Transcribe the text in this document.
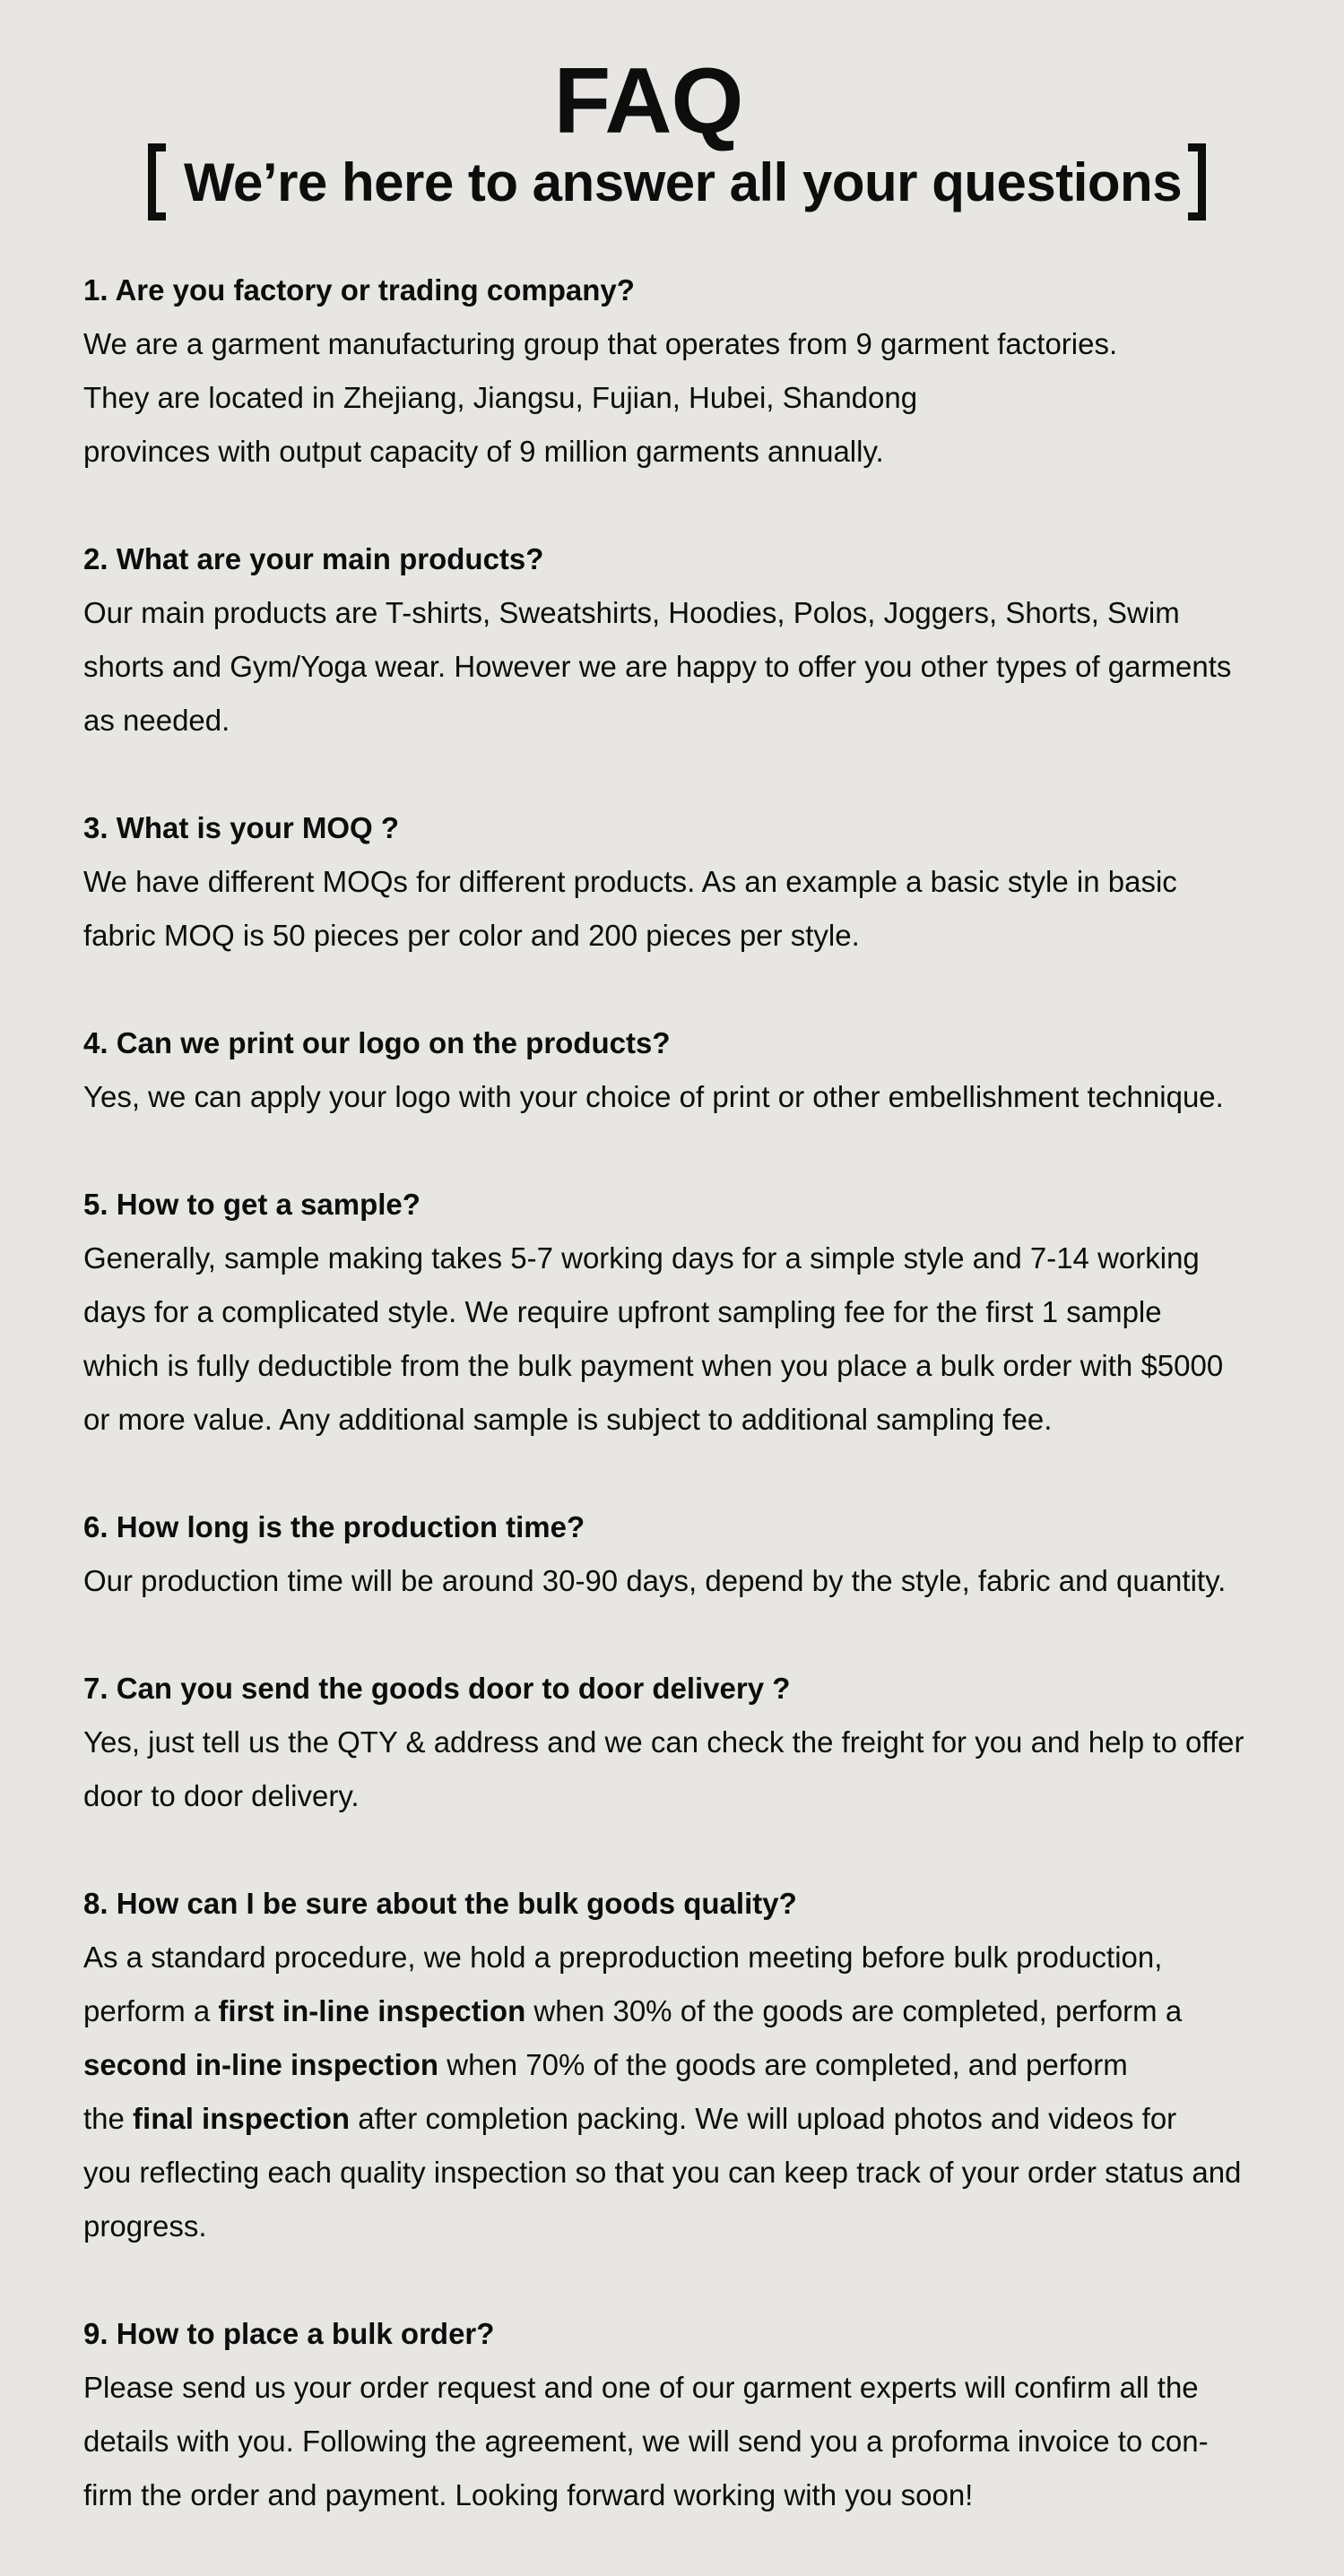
FAQ
We’re here to answer all your questions

1. Are you factory or trading company?

We are a garment manufacturing group that operates from 9 garment factories.

They are located in Zhejiang, Jiangsu, Fujian, Hubei, Shandong

provinces with output capacity of 9 million garments annually.

2. What are your main products?

Our main products are T-shirts, Sweatshirts, Hoodies, Polos, Joggers, Shorts, Swim

shorts and Gym/Yoga wear. However we are happy to offer you other types of garments

as needed.

3. What is your MOQ ?

We have different MOQs for different products. As an example a basic style in basic

fabric MOQ is 50 pieces per color and 200 pieces per style.

4. Can we print our logo on the products?

Yes, we can apply your logo with your choice of print or other embellishment technique.

5. How to get a sample?

Generally, sample making takes 5-7 working days for a simple style and 7-14 working

days for a complicated style. We require upfront sampling fee for the first 1 sample

which is fully deductible from the bulk payment when you place a bulk order with $5000

or more value. Any additional sample is subject to additional sampling fee.

6. How long is the production time?

Our production time will be around 30-90 days, depend by the style, fabric and quantity.

7. Can you send the goods door to door delivery ?

Yes, just tell us the QTY & address and we can check the freight for you and help to offer

door to door delivery.

8. How can I be sure about the bulk goods quality?

As a standard procedure, we hold a preproduction meeting before bulk production,

perform a first in-line inspection when 30% of the goods are completed, perform a

second in-line inspection when 70% of the goods are completed, and perform

the final inspection after completion packing. We will upload photos and videos for

you reflecting each quality inspection so that you can keep track of your order status and

progress.

9. How to place a bulk order?

Please send us your order request and one of our garment experts will confirm all the

details with you. Following the agreement, we will send you a proforma invoice to con-

firm the order and payment. Looking forward working with you soon!
